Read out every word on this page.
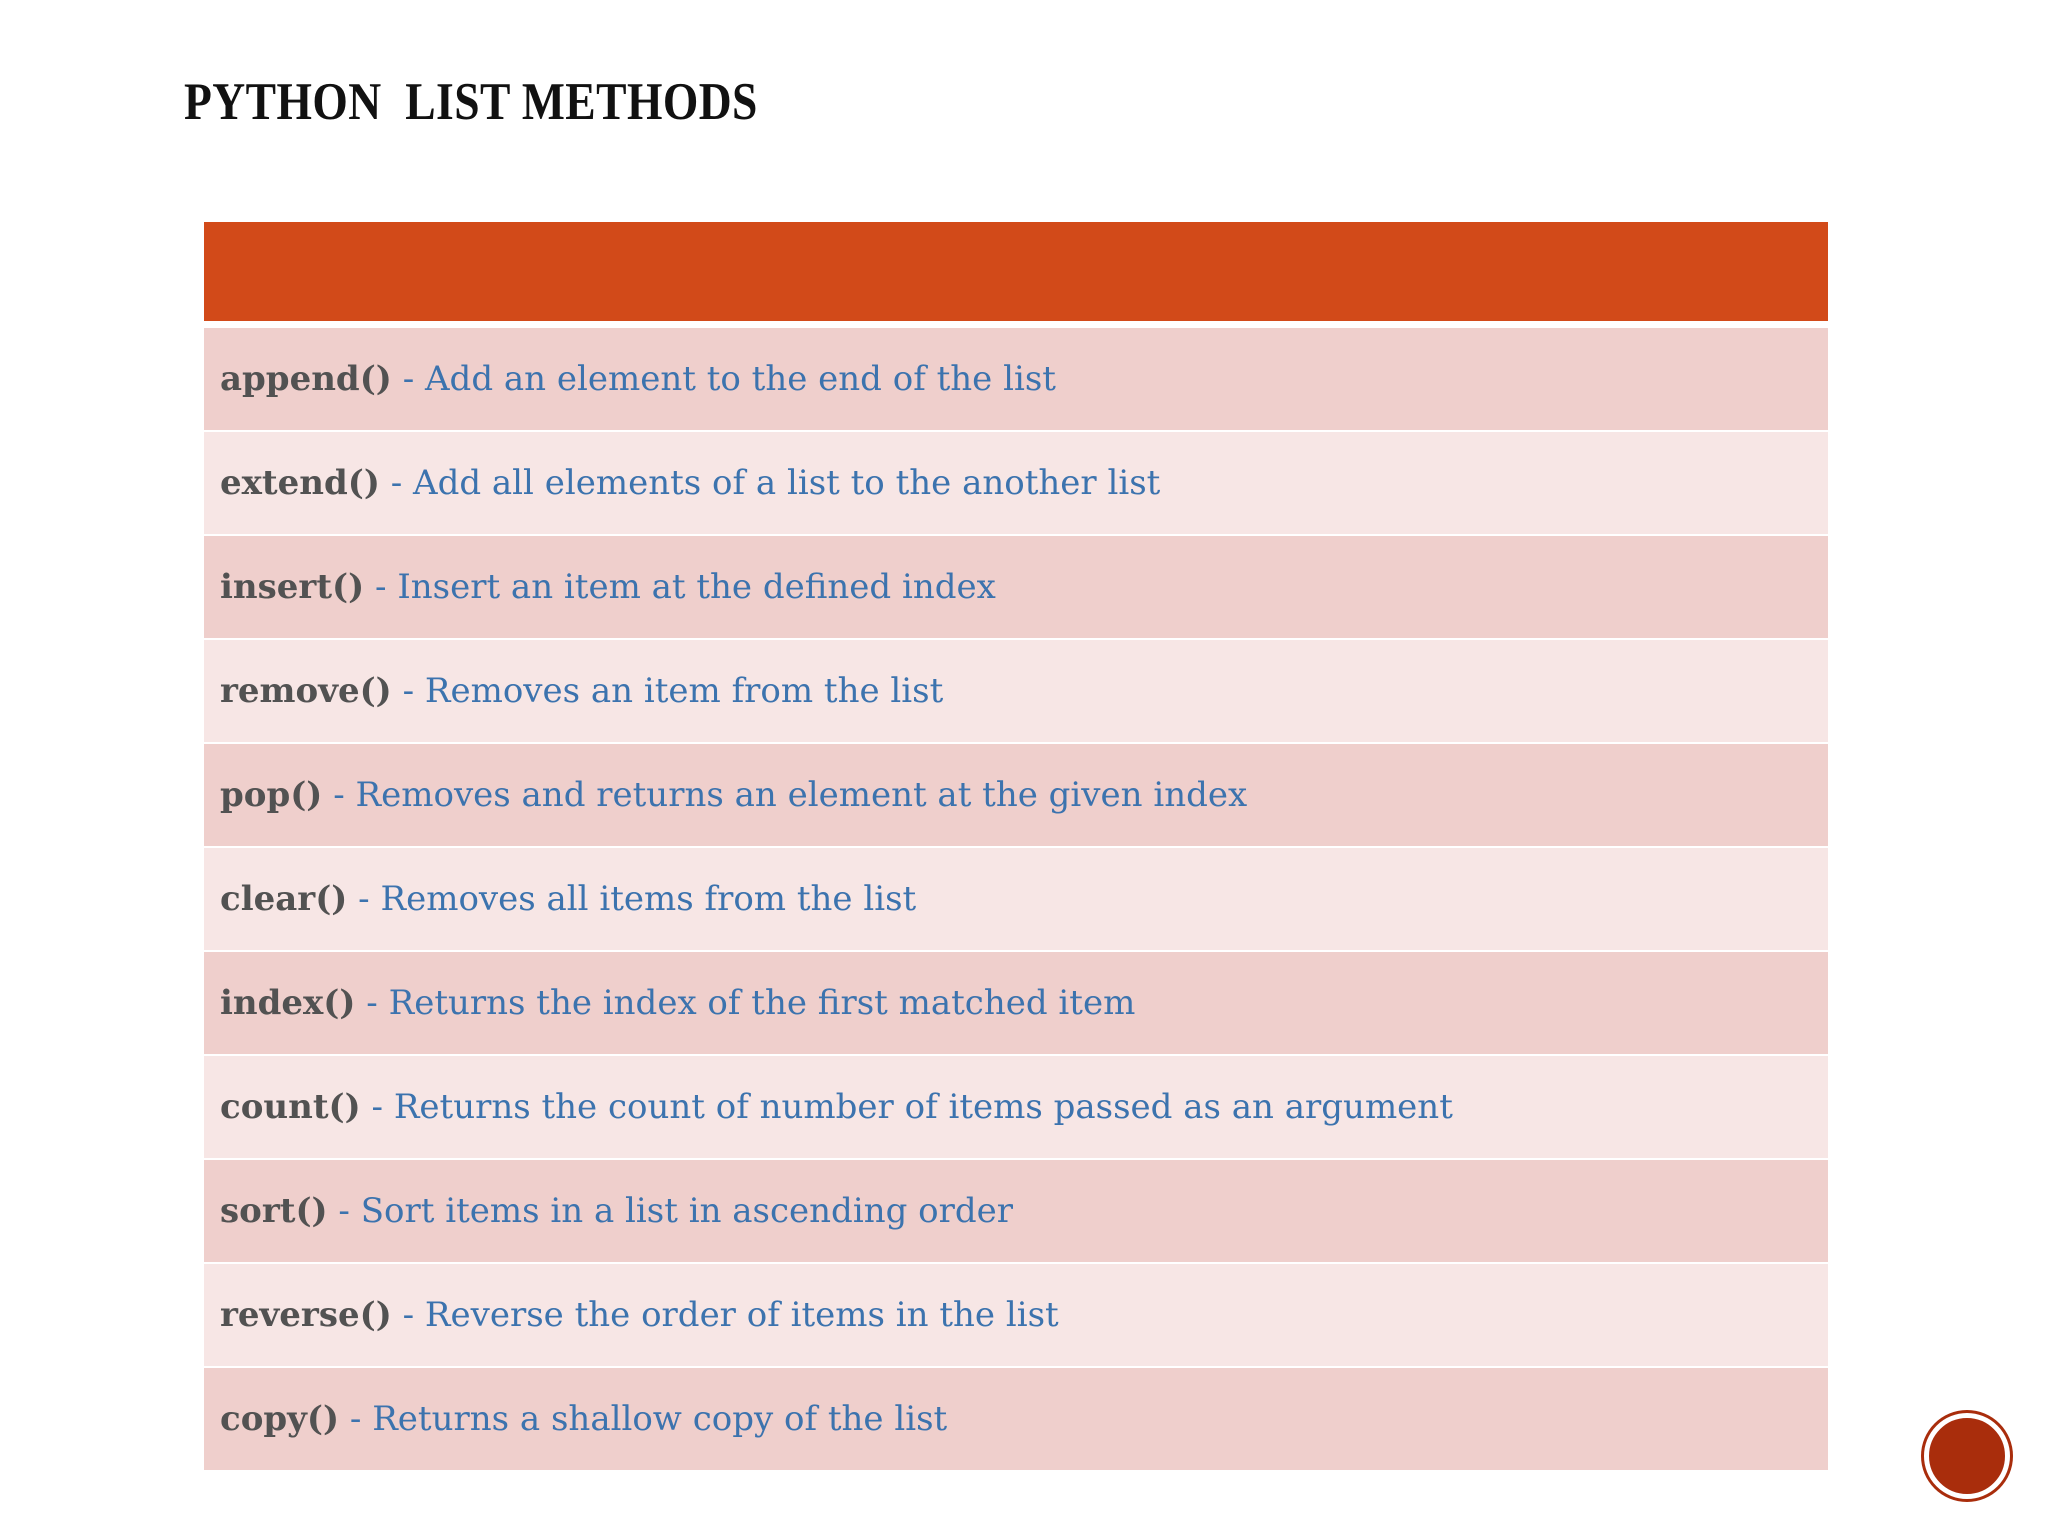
PYTHON  LIST METHODS
append() - Add an element to the end of the list
extend() - Add all elements of a list to the another list
insert() - Insert an item at the defined index
remove() - Removes an item from the list
pop() - Removes and returns an element at the given index
clear() - Removes all items from the list
index() - Returns the index of the first matched item
count() - Returns the count of number of items passed as an argument
sort() - Sort items in a list in ascending order
reverse() - Reverse the order of items in the list
copy() - Returns a shallow copy of the list
